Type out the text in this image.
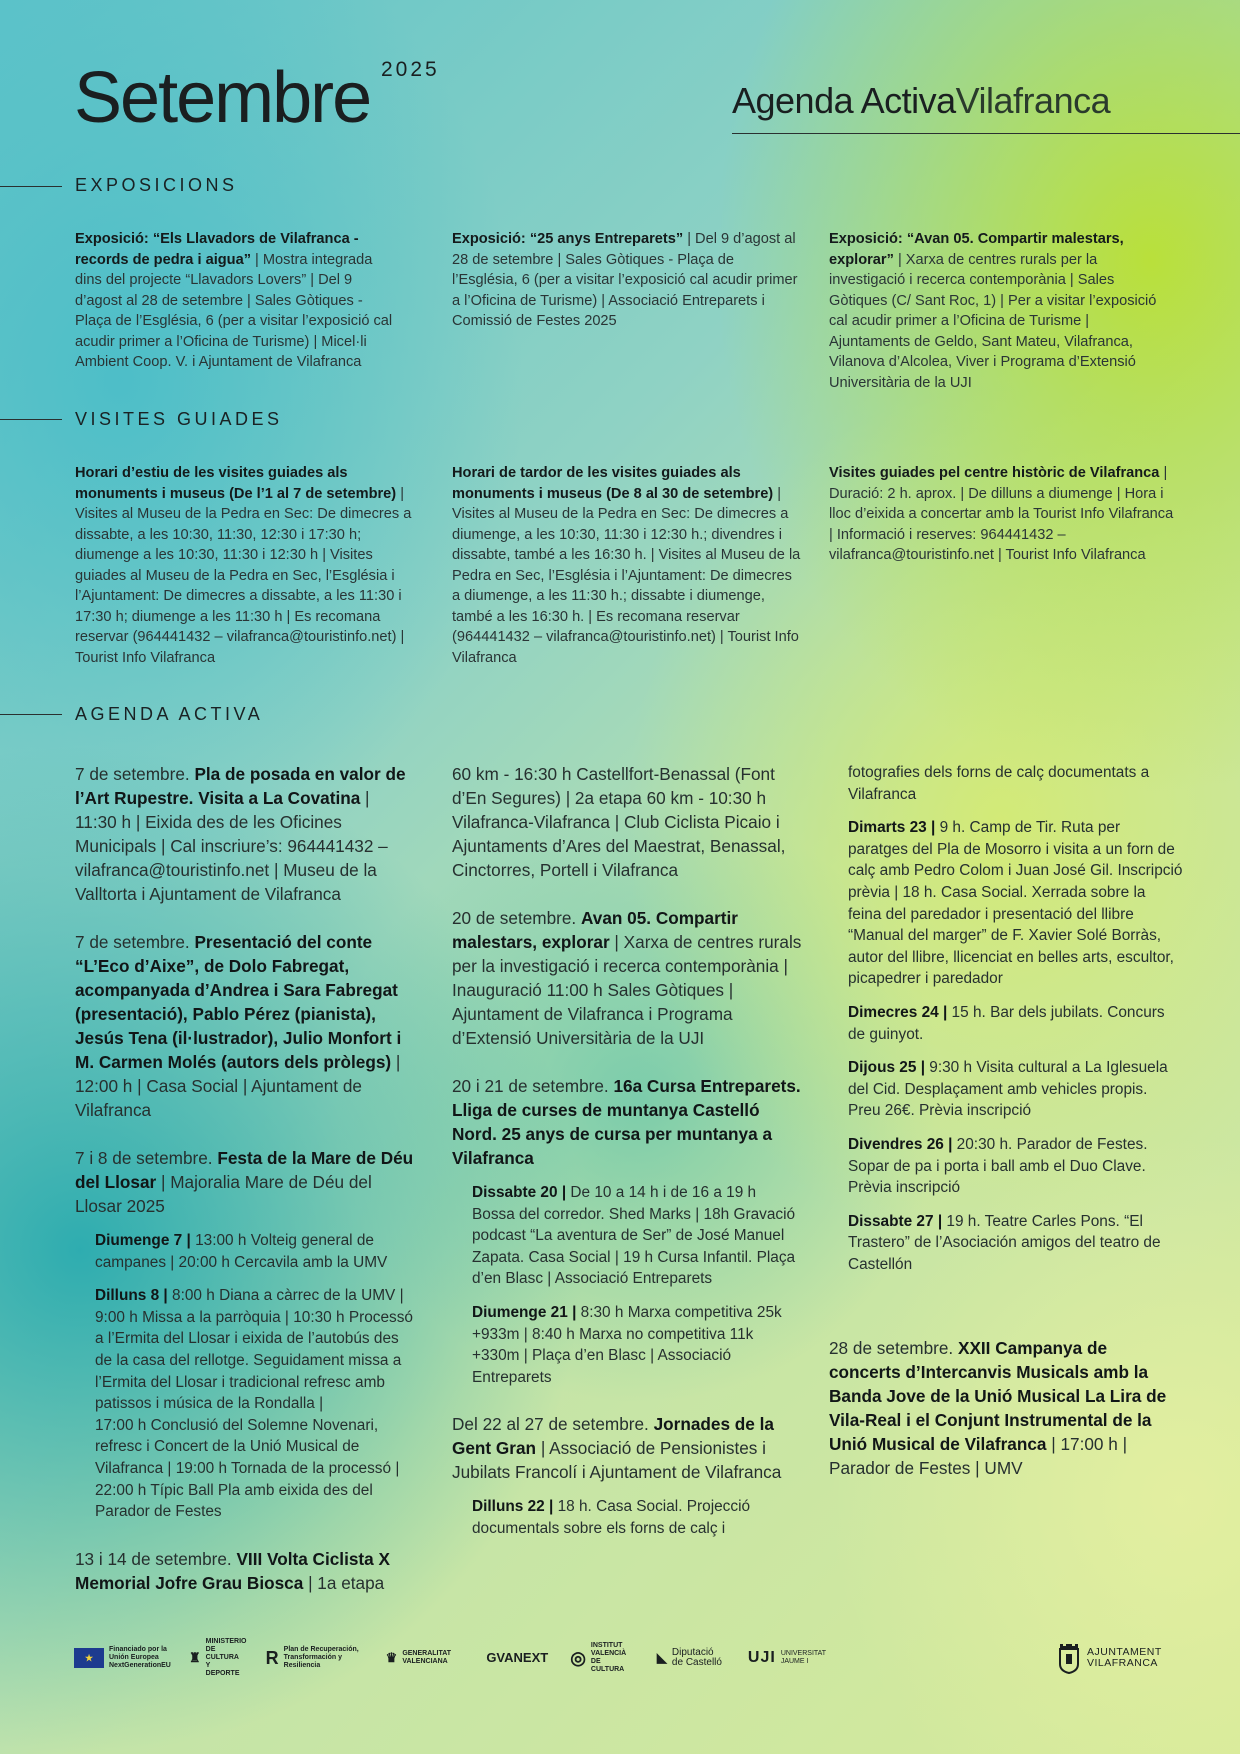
Setembre 2025
Agenda ActivaVilafranca
EXPOSICIONS
Exposició: “Els Llavadors de Vilafranca - records de pedra i aigua” | Mostra integrada dins del projecte “Llavadors Lovers” | Del 9 d’agost al 28 de setembre | Sales Gòtiques - Plaça de l’Església, 6 (per a visitar l’exposició cal acudir primer a l’Oficina de Turisme) | Micel·li Ambient Coop. V. i Ajuntament de Vilafranca
Exposició: “25 anys Entreparets” | Del 9 d’agost al 28 de setembre | Sales Gòtiques - Plaça de l’Església, 6 (per a visitar l’exposició cal acudir primer a l’Oficina de Turisme) | Associació Entreparets i Comissió de Festes 2025
Exposició: “Avan 05. Compartir malestars, explorar” | Xarxa de centres rurals per la investigació i recerca contemporània | Sales Gòtiques (C/ Sant Roc, 1) | Per a visitar l’exposició cal acudir primer a l’Oficina de Turisme | Ajuntaments de Geldo, Sant Mateu, Vilafranca, Vilanova d’Alcolea, Viver i Programa d’Extensió Universitària de la UJI
VISITES GUIADES
Horari d’estiu de les visites guiades als monuments i museus (De l’1 al 7 de setembre) | Visites al Museu de la Pedra en Sec: De dimecres a dissabte, a les 10:30, 11:30, 12:30 i 17:30 h; diumenge a les 10:30, 11:30 i 12:30 h | Visites guiades al Museu de la Pedra en Sec, l’Església i l’Ajuntament: De dimecres a dissabte, a les 11:30 i 17:30 h; diumenge a les 11:30 h | Es recomana reservar (964441432 – vilafranca@touristinfo.net) | Tourist Info Vilafranca
Horari de tardor de les visites guiades als monuments i museus (De 8 al 30 de setembre) | Visites al Museu de la Pedra en Sec: De dimecres a diumenge, a les 10:30, 11:30 i 12:30 h.; divendres i dissabte, també a les 16:30 h. | Visites al Museu de la Pedra en Sec, l’Església i l’Ajuntament: De dimecres a diumenge, a les 11:30 h.; dissabte i diumenge, també a les 16:30 h. | Es recomana reservar (964441432 – vilafranca@touristinfo.net) | Tourist Info Vilafranca
Visites guiades pel centre històric de Vilafranca | Duració: 2 h. aprox. | De dilluns a diumenge | Hora i lloc d’eixida a concertar amb la Tourist Info Vilafranca | Informació i reserves: 964441432 – vilafranca@touristinfo.net | Tourist Info Vilafranca
AGENDA ACTIVA

7 de setembre. Pla de posada en valor de l’Art Rupestre. Visita a La Covatina | 11:30 h | Eixida des de les Oficines Municipals | Cal inscriure’s: 964441432 – vilafranca@touristinfo.net | Museu de la Valltorta i Ajuntament de Vilafranca

7 de setembre. Presentació del conte “L’Eco d’Aixe”, de Dolo Fabregat, acompanyada d’Andrea i Sara Fabregat (presentació), Pablo Pérez (pianista), Jesús Tena (il·lustrador), Julio Monfort i M. Carmen Molés (autors dels pròlegs) | 12:00 h | Casa Social | Ajuntament de Vilafranca

7 i 8 de setembre. Festa de la Mare de Déu del Llosar | Majoralia Mare de Déu del Llosar 2025

Diumenge 7 | 13:00 h Volteig general de campanes | 20:00 h Cercavila amb la UMV

Dilluns 8 | 8:00 h Diana a càrrec de la UMV | 9:00 h Missa a la parròquia | 10:30 h Processó a l’Ermita del Llosar i eixida de l’autobús des de la casa del rellotge. Seguidament missa a l’Ermita del Llosar i tradicional refresc amb patissos i música de la Rondalla |
17:00 h Conclusió del Solemne Novenari, refresc i Concert de la Unió Musical de Vilafranca | 19:00 h Tornada de la processó | 22:00 h Típic Ball Pla amb eixida des del Parador de Festes

13 i 14 de setembre. VIII Volta Ciclista X Memorial Jofre Grau Biosca | 1a etapa

60 km - 16:30 h Castellfort-Benassal (Font d’En Segures) | 2a etapa 60 km - 10:30 h Vilafranca-Vilafranca | Club Ciclista Picaio i Ajuntaments d’Ares del Maestrat, Benassal, Cinctorres, Portell i Vilafranca

20 de setembre. Avan 05. Compartir malestars, explorar | Xarxa de centres rurals per la investigació i recerca contemporània | Inauguració 11:00 h Sales Gòtiques | Ajuntament de Vilafranca i Programa d’Extensió Universitària de la UJI

20 i 21 de setembre. 16a Cursa Entreparets. Lliga de curses de muntanya Castelló Nord. 25 anys de cursa per muntanya a Vilafranca

Dissabte 20 | De 10 a 14 h i de 16 a 19 h Bossa del corredor. Shed Marks | 18h Gravació podcast “La aventura de Ser” de José Manuel Zapata. Casa Social | 19 h Cursa Infantil. Plaça d’en Blasc | Associació Entreparets

Diumenge 21 | 8:30 h Marxa competitiva 25k +933m | 8:40 h Marxa no competitiva 11k +330m | Plaça d’en Blasc | Associació Entreparets

Del 22 al 27 de setembre. Jornades de la Gent Gran | Associació de Pensionistes i Jubilats Francolí i Ajuntament de Vilafranca

Dilluns 22 | 18 h. Casa Social. Projecció documentals sobre els forns de calç i

fotografies dels forns de calç documentats a Vilafranca

Dimarts 23 | 9 h. Camp de Tir. Ruta per paratges del Pla de Mosorro i visita a un forn de calç amb Pedro Colom i Juan José Gil. Inscripció prèvia | 18 h. Casa Social. Xerrada sobre la feina del paredador i presentació del llibre “Manual del marger” de F. Xavier Solé Borràs, autor del llibre, llicenciat en belles arts, escultor, picapedrer i paredador

Dimecres 24 | 15 h. Bar dels jubilats. Concurs de guinyot.

Dijous 25 | 9:30 h Visita cultural a La Iglesuela del Cid. Desplaçament amb vehicles propis. Preu 26€. Prèvia inscripció

Divendres 26 | 20:30 h. Parador de Festes. Sopar de pa i porta i ball amb el Duo Clave. Prèvia inscripció

Dissabte 27 | 19 h. Teatre Carles Pons. “El Trastero” de l’Asociación amigos del teatro de Castellón

28 de setembre. XXII Campanya de concerts d’Intercanvis Musicals amb la Banda Jove de la Unió Musical La Lira de Vila-Real i el Conjunt Instrumental de la Unió Musical de Vilafranca | 17:00 h | Parador de Festes | UMV

★
Financiado por la Unión Europea NextGenerationEU
♜
MINISTERIO DE CULTURA Y DEPORTE
R Plan de Recuperación, Transformación y Resiliencia
♛ GENERALITAT VALENCIANA	GVANEXT ◎
INSTITUT VALENCIÀ DE CULTURA
◣ Diputació de Castelló UJI UNIVERSITAT JAUME I
AJUNTAMENT
VILAFRANCA
